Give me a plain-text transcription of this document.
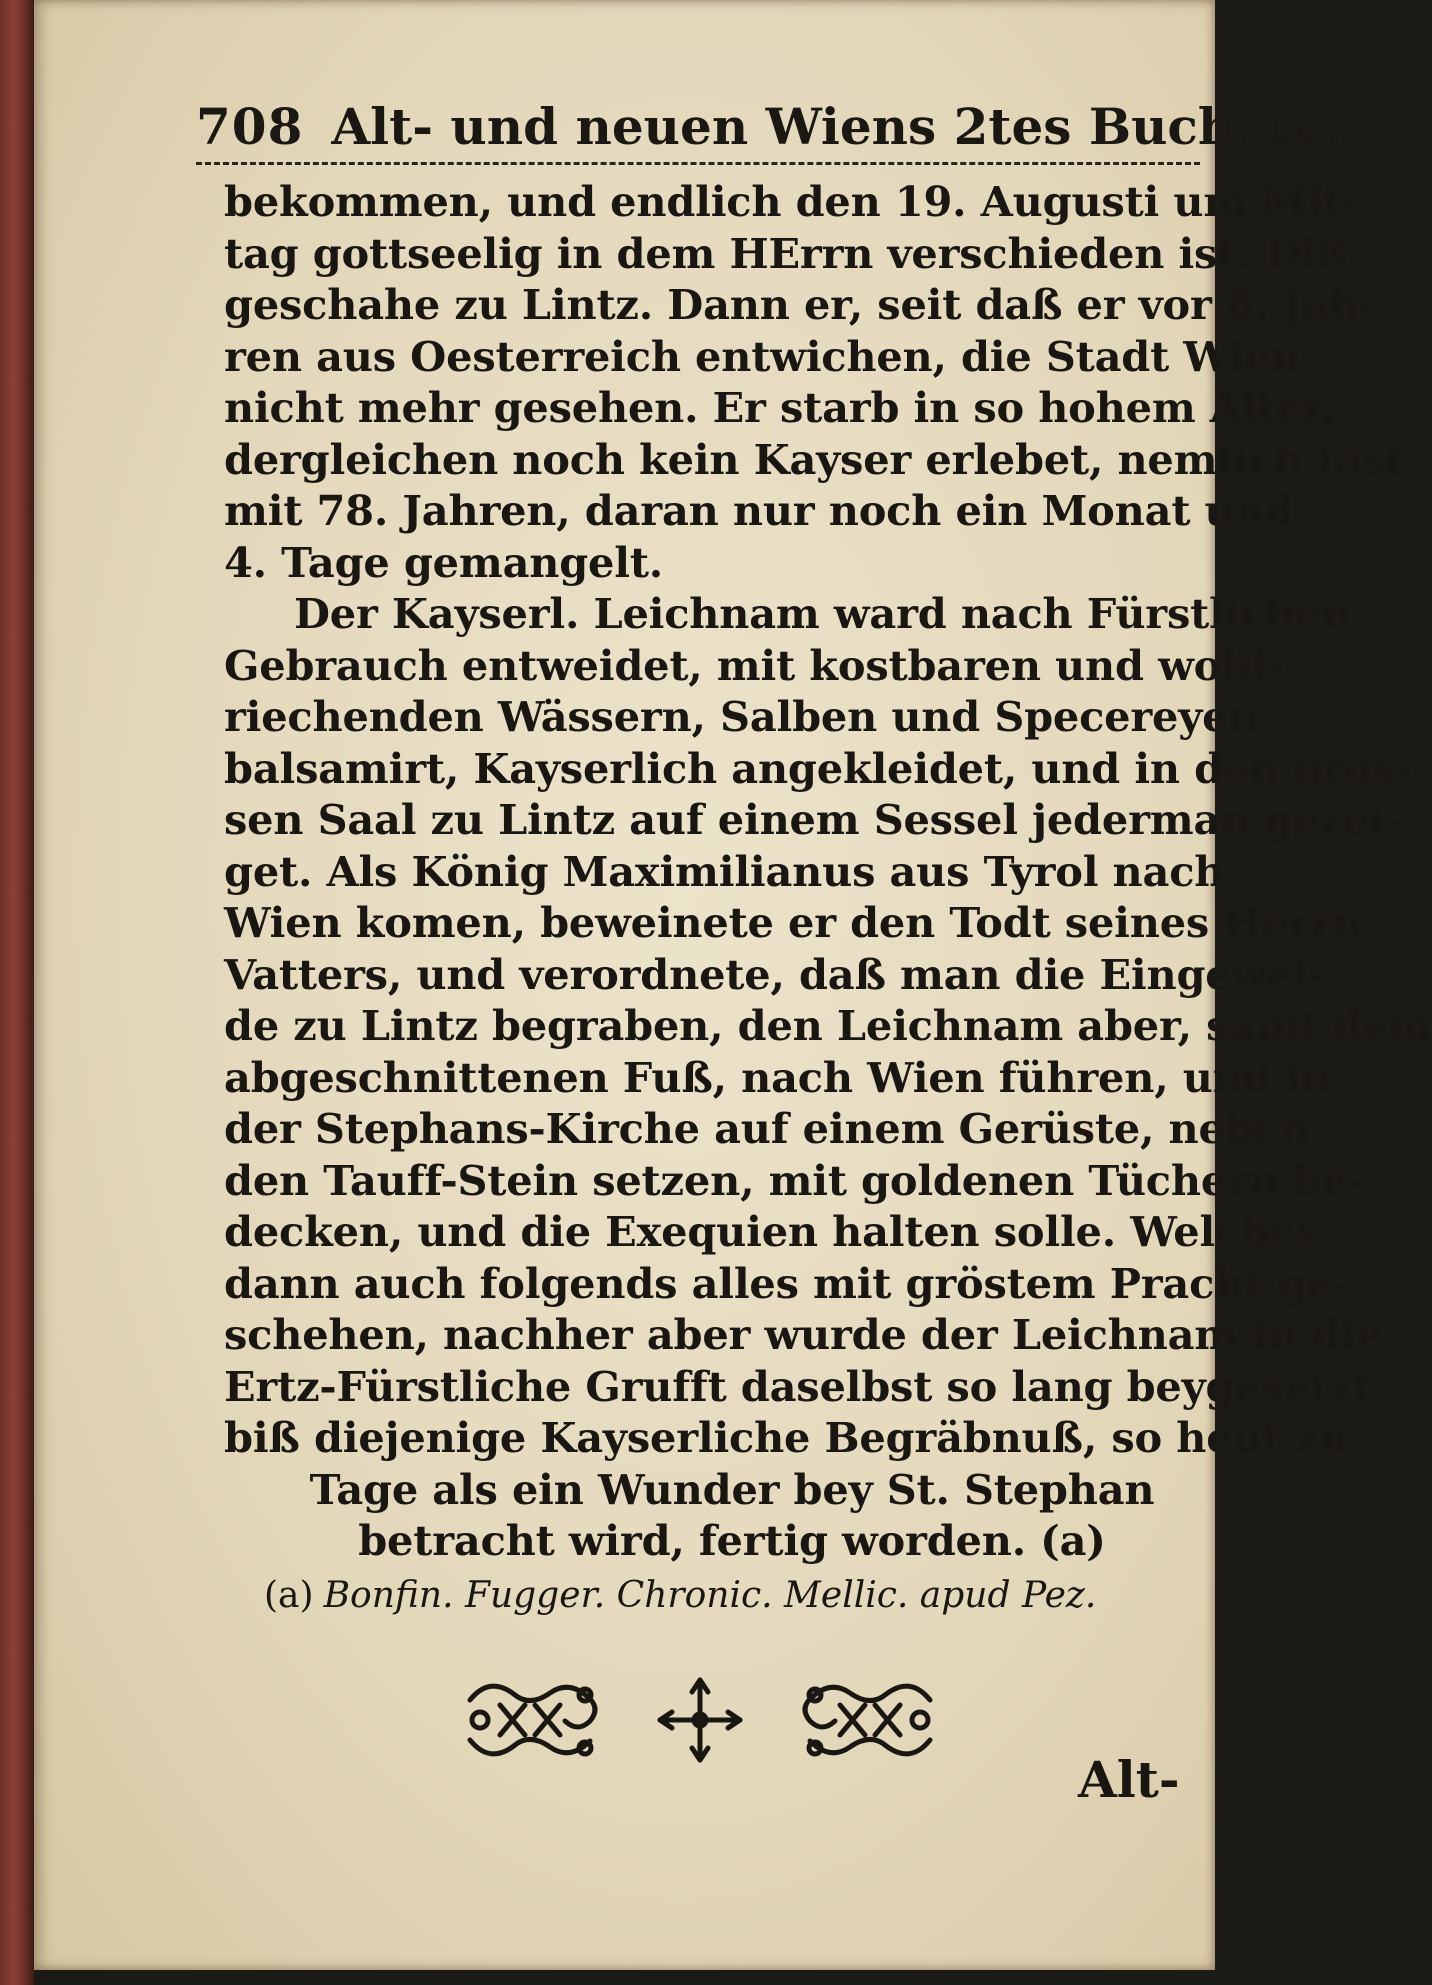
708 Alt- und neuen Wiens 2tes Buch, rc.
bekommen, und endlich den 19. Augusti um Mit-
tag gottseelig in dem HErrn verschieden ist. Diß
geschahe zu Lintz. Dann er, seit daß er vor 8. Jah-
ren aus Oesterreich entwichen, die Stadt Wien
nicht mehr gesehen. Er starb in so hohem Alter,
dergleichen noch kein Kayser erlebet, nemlich fast
mit 78. Jahren, daran nur noch ein Monat und
4. Tage gemangelt.
Der Kayserl. Leichnam ward nach Fürstlichen
Gebrauch entweidet, mit kostbaren und wohl-
riechenden Wässern, Salben und Specereyen
balsamirt, Kayserlich angekleidet, und in den gros-
sen Saal zu Lintz auf einem Sessel jederman gezei-
get. Als König Maximilianus aus Tyrol nach
Wien komen, beweinete er den Todt seines Herrn
Vatters, und verordnete, daß man die Eingewei-
de zu Lintz begraben, den Leichnam aber, samt dem
abgeschnittenen Fuß, nach Wien führen, und in
der Stephans-Kirche auf einem Gerüste, neben
den Tauff-Stein setzen, mit goldenen Tüchern be-
decken, und die Exequien halten solle. Welches
dann auch folgends alles mit gröstem Pracht ge-
schehen, nachher aber wurde der Leichnam in die
Ertz-Fürstliche Grufft daselbst so lang beygesetzt,
biß diejenige Kayserliche Begräbnuß, so heut zu
Tage als ein Wunder bey St. Stephan
betracht wird, fertig worden. (a)
(a) Bonfin. Fugger. Chronic. Mellic. apud Pez.
Alt-
